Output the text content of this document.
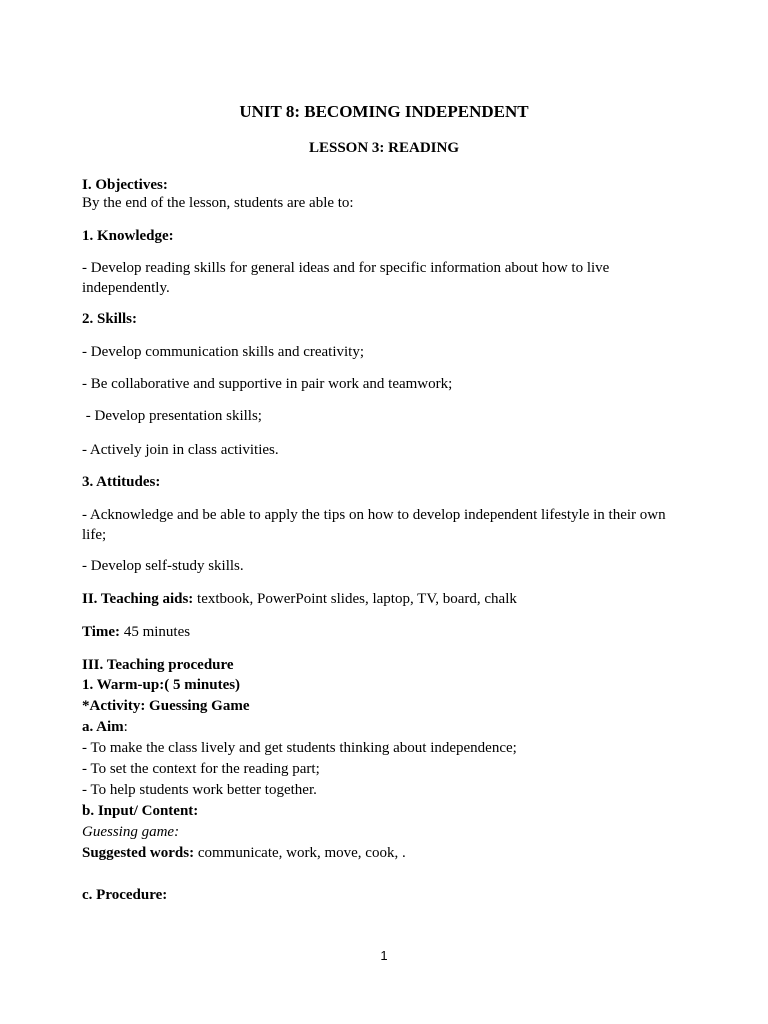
UNIT 8: BECOMING INDEPENDENT

LESSON 3: READING

I. Objectives:

By the end of the lesson, students are able to:

1. Knowledge:

- Develop reading skills for general ideas and for specific information about how to live independently.

2. Skills:

- Develop communication skills and creativity;

- Be collaborative and supportive in pair work and teamwork;

- Develop presentation skills;

- Actively join in class activities.

3. Attitudes:

- Acknowledge and be able to apply the tips on how to develop independent lifestyle in their own life;

- Develop self-study skills.

II. Teaching aids: textbook, PowerPoint slides, laptop, TV, board, chalk

Time: 45 minutes

III. Teaching procedure

1. Warm-up:( 5 minutes)

*Activity: Guessing Game

a. Aim:

- To make the class lively and get students thinking about independence;

- To set the context for the reading part;

- To help students work better together.

b. Input/ Content:

Guessing game:

Suggested words: communicate, work, move, cook, .

c. Procedure:

1
